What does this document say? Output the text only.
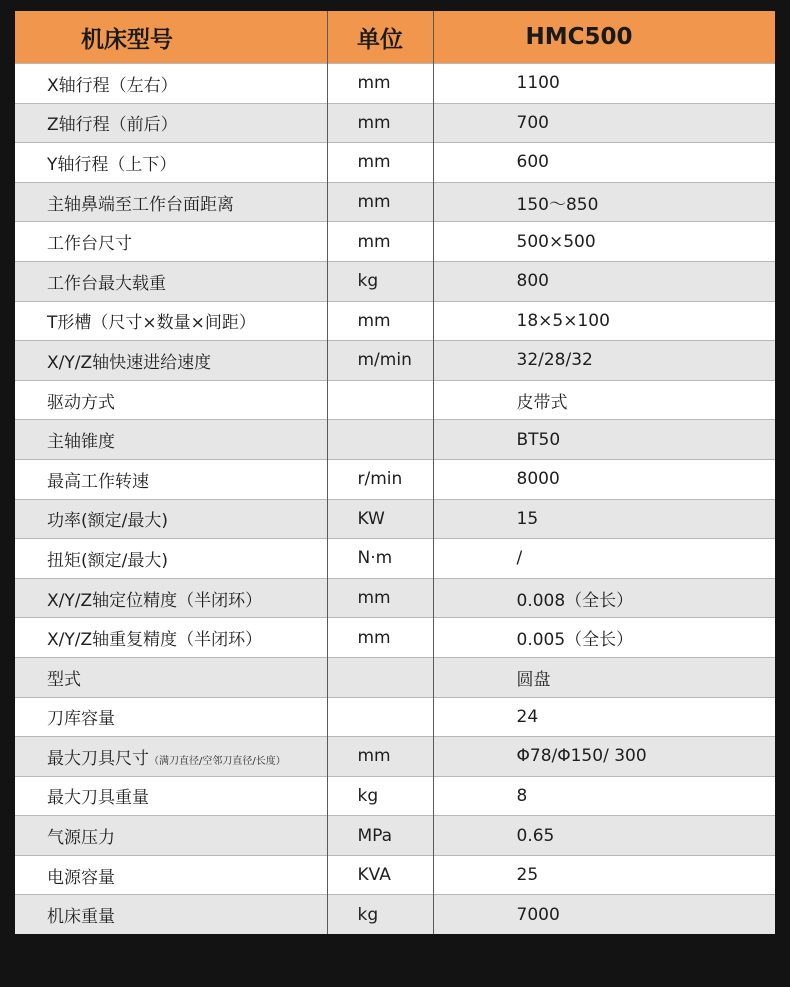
机床型号	单位	HMC500
X轴行程（左右）	mm	1100
Z轴行程（前后）	mm	700
Y轴行程（上下）	mm	600
主轴鼻端至工作台面距离	mm	150～850
工作台尺寸	mm	500×500
工作台最大载重	kg	800
T形槽（尺寸×数量×间距）	mm	18×5×100
X/Y/Z轴快速进给速度	m/min	32/28/32
驱动方式		皮带式
主轴锥度		BT50
最高工作转速	r/min	8000
功率(额定/最大)	KW	15
扭矩(额定/最大)	N·m	/
X/Y/Z轴定位精度（半闭环）	mm	0.008（全长）
X/Y/Z轴重复精度（半闭环）	mm	0.005（全长）
型式		圆盘
刀库容量		24
最大刀具尺寸（满刀直径/空邻刀直径/长度）	mm	Φ78/Φ150/ 300
最大刀具重量	kg	8
气源压力	MPa	0.65
电源容量	KVA	25
机床重量	kg	7000
